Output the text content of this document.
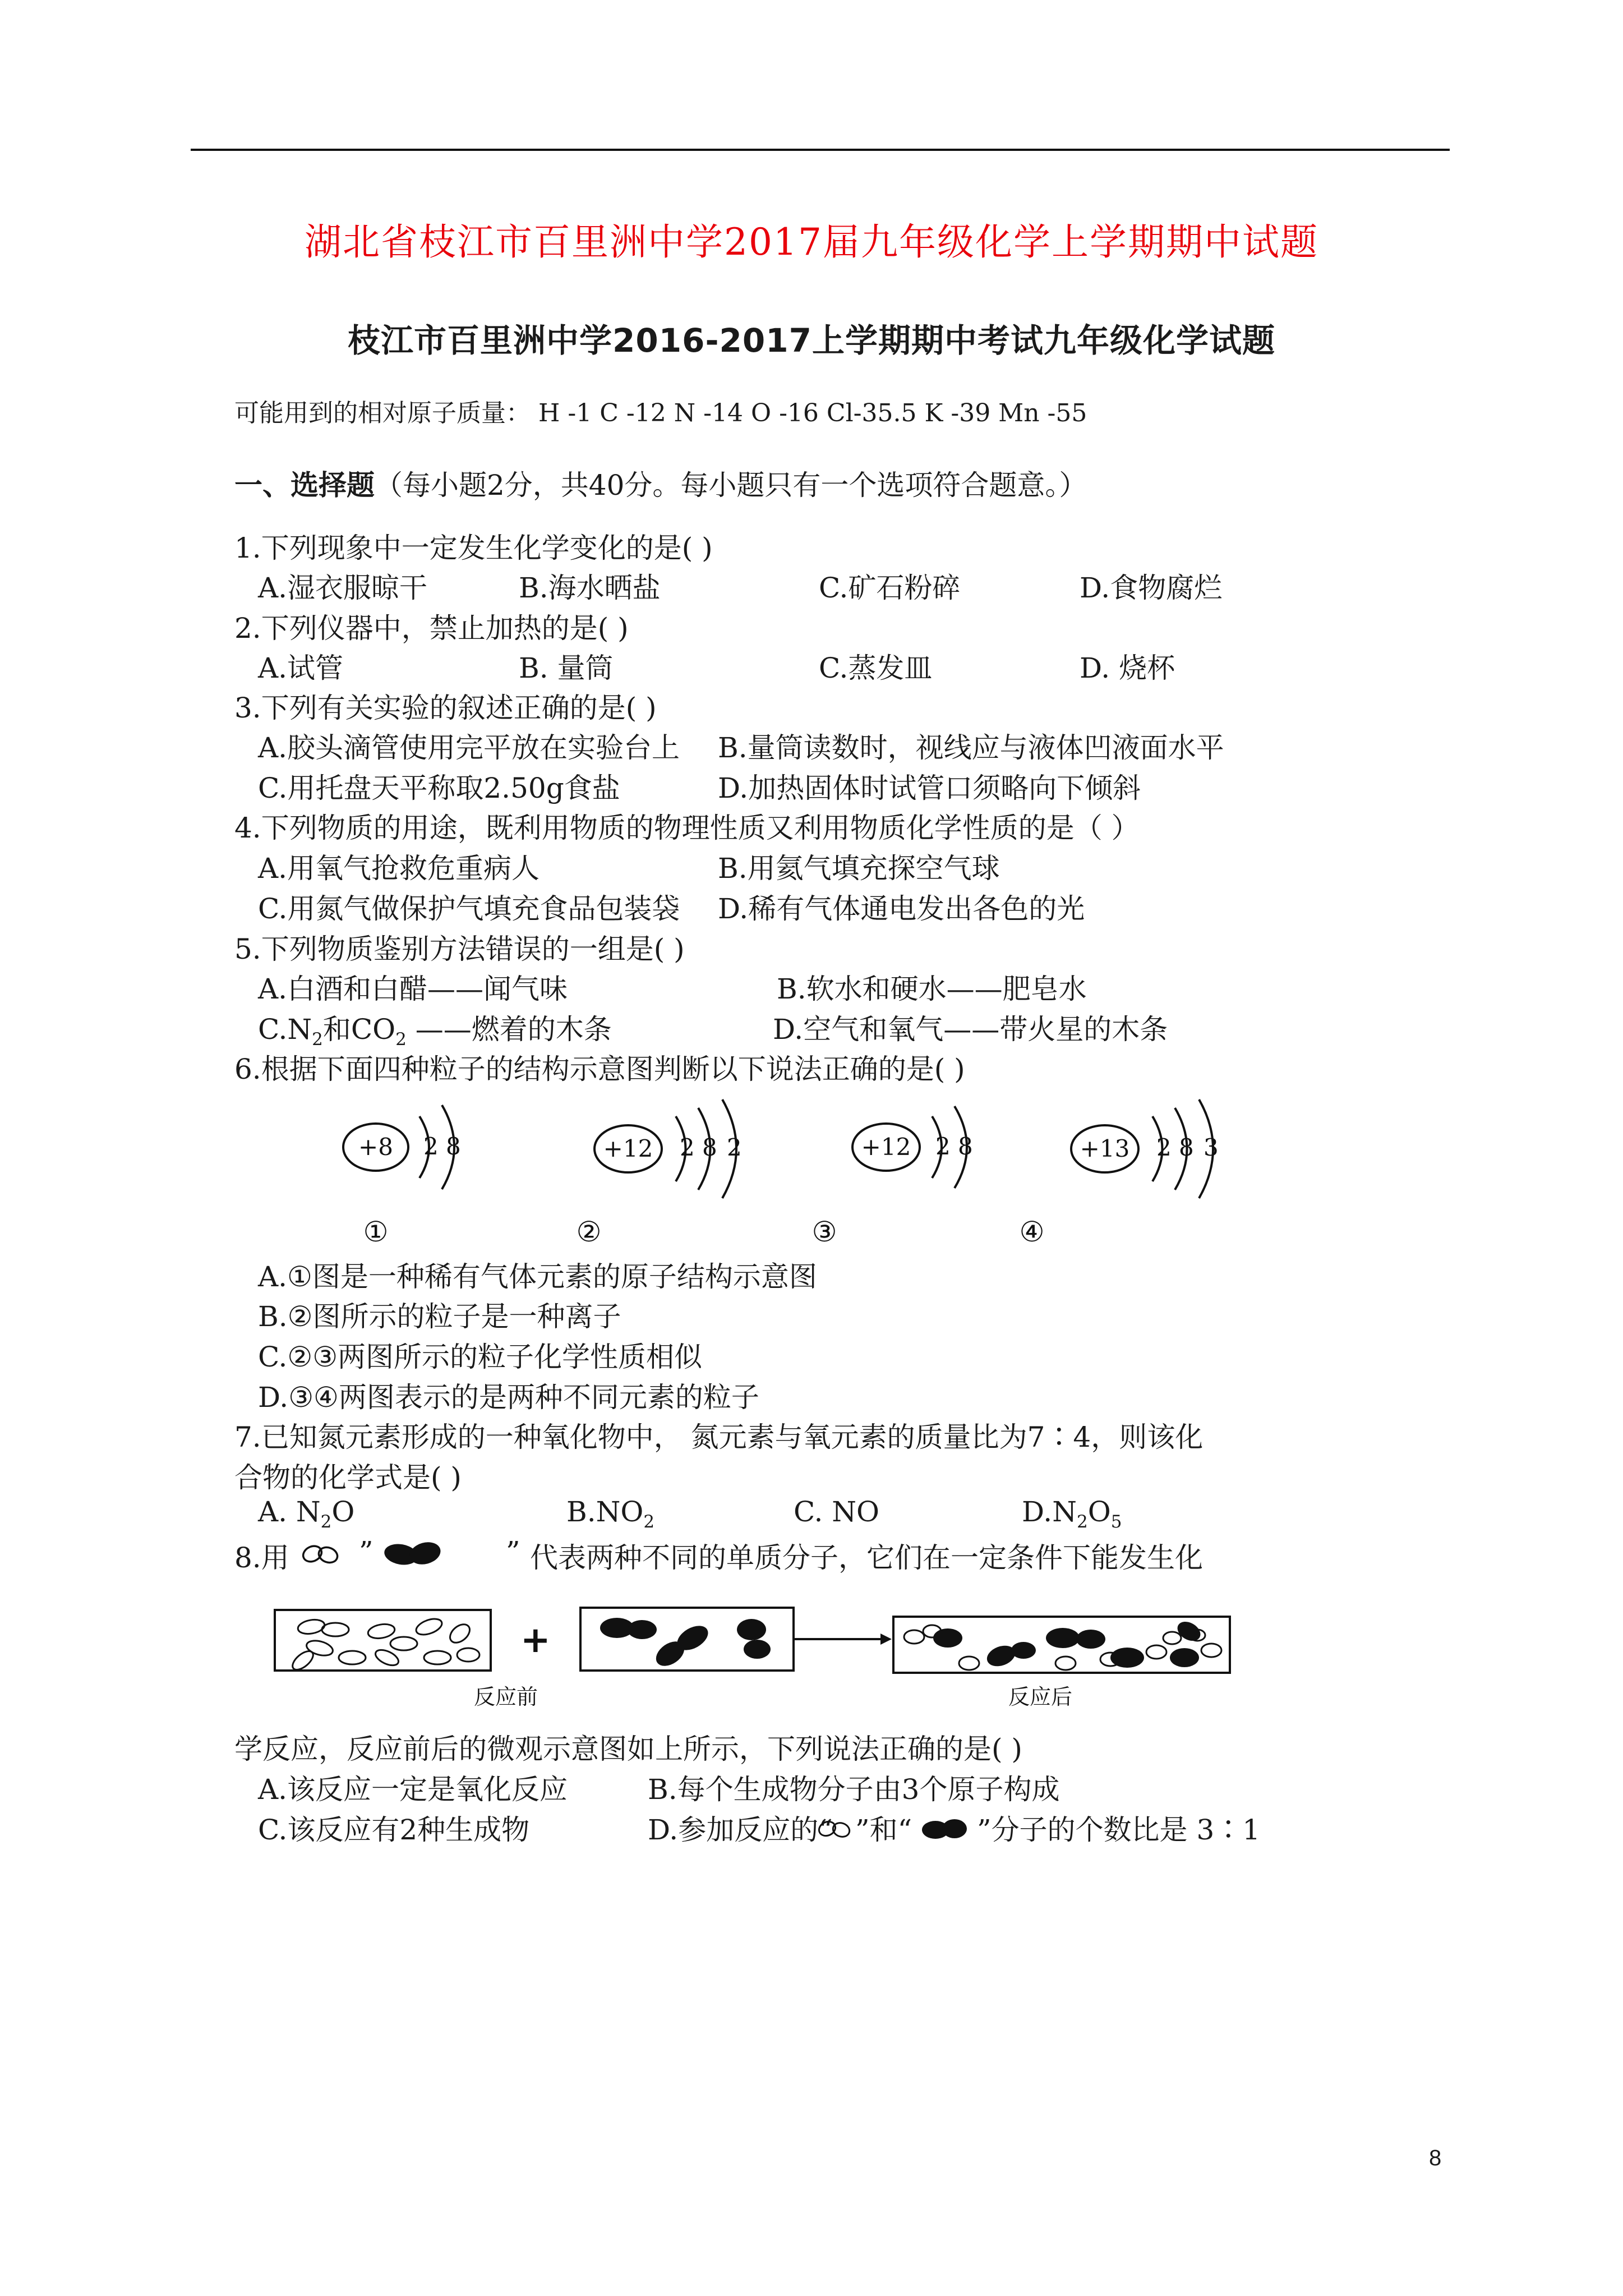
湖北省枝江市百里洲中学2017届九年级化学上学期期中试题
枝江市百里洲中学2016-2017上学期期中考试九年级化学试题
可能用到的相对原子质量： H -1 C -12 N -14 O -16 Cl-35.5 K -39 Mn -55
一、选择题（每小题2分，共40分。每小题只有一个选项符合题意。）
1.下列现象中一定发生化学变化的是( )
A.湿衣服晾干	B.海水晒盐	C.矿石粉碎	D.食物腐烂
2.下列仪器中，禁止加热的是( )
A.试管	B. 量筒	C.蒸发皿	D. 烧杯
3.下列有关实验的叙述正确的是( )
A.胶头滴管使用完平放在实验台上 B.量筒读数时，视线应与液体凹液面水平
C.用托盘天平称取2.50g食盐	D.加热固体时试管口须略向下倾斜
4.下列物质的用途，既利用物质的物理性质又利用物质化学性质的是（ ）
A.用氧气抢救危重病人	B.用氦气填充探空气球
C.用氮气做保护气填充食品包装袋 D.稀有气体通电发出各色的光
5.下列物质鉴别方法错误的一组是( )
A.白酒和白醋——闻气味	B.软水和硬水——肥皂水
$C.N_2$和$CO_2$ ——燃着的木条	D.空气和氧气——带火星的木条
6.根据下面四种粒子的结构示意图判断以下说法正确的是( )
+8 2 8	+12 2 8 2	+12 2 8	+13 2 8 3
①	②	③	④
A.①图是一种稀有气体元素的原子结构示意图
B.②图所示的粒子是一种离子
C.②③两图所示的粒子化学性质相似
D.③④两图表示的是两种不同元素的粒子
7.已知氮元素形成的一种氧化物中， 氮元素与氧元素的质量比为7∶4，则该化
合物的化学式是( )
A. $N_2O$	$B.NO_2$	C. NO	$D.N_2O_5$
8.用 ”	” 代表两种不同的单质分子，它们在一定条件下能发生化
+
反应前	反应后
学反应，反应前后的微观示意图如上所示，下列说法正确的是( )
A.该反应一定是氧化反应	B.每个生成物分子由3个原子构成
C.该反应有2种生成物	D.参加反应的“ ”和“ ”分子的个数比是 3∶1
8
